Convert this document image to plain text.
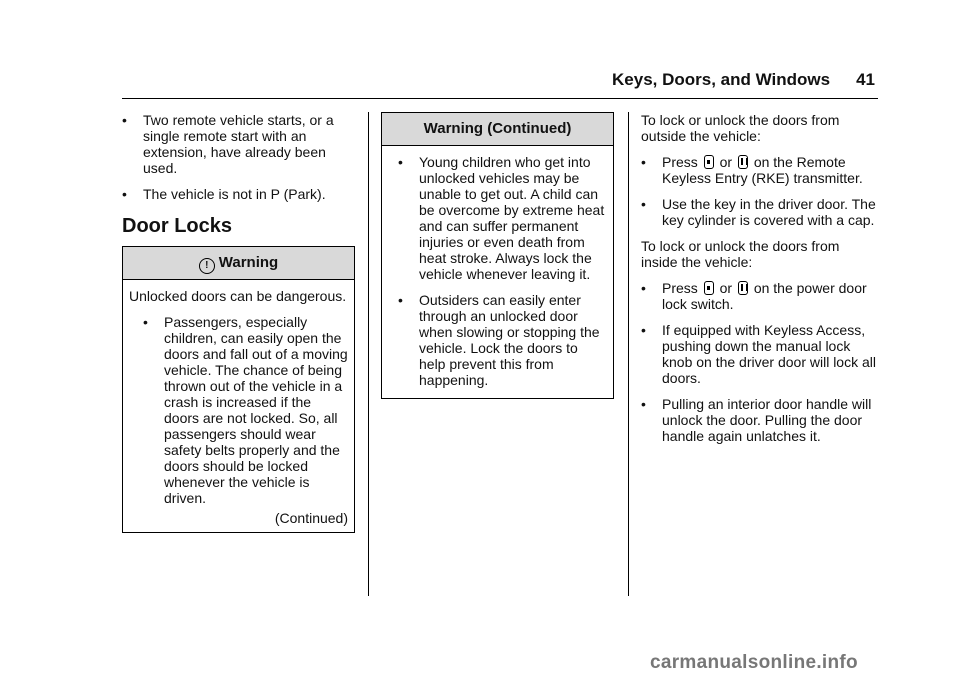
Keys, Doors, and Windows 41
• Two remote vehicle starts, or a single remote start with an extension, have already been used.
• The vehicle is not in P (Park).
Door Locks
! Warning

Unlocked doors can be dangerous.

• Passengers, especially children, can easily open the doors and fall out of a moving vehicle. The chance of being thrown out of the vehicle in a crash is increased if the doors are not locked. So, all passengers should wear safety belts properly and the doors should be locked whenever the vehicle is driven.
(Continued)
Warning (Continued)
• Young children who get into unlocked vehicles may be unable to get out. A child can be overcome by extreme heat and can suffer permanent injuries or even death from heat stroke. Always lock the vehicle whenever leaving it.
• Outsiders can easily enter through an unlocked door when slowing or stopping the vehicle. Lock the doors to help prevent this from happening.

To lock or unlock the doors from outside the vehicle:

• Press or on the Remote Keyless Entry (RKE) transmitter.
• Use the key in the driver door. The key cylinder is covered with a cap.

To lock or unlock the doors from inside the vehicle:

• Press or on the power door lock switch.
• If equipped with Keyless Access, pushing down the manual lock knob on the driver door will lock all doors.
• Pulling an interior door handle will unlock the door. Pulling the door handle again unlatches it.
carmanualsonline.info
